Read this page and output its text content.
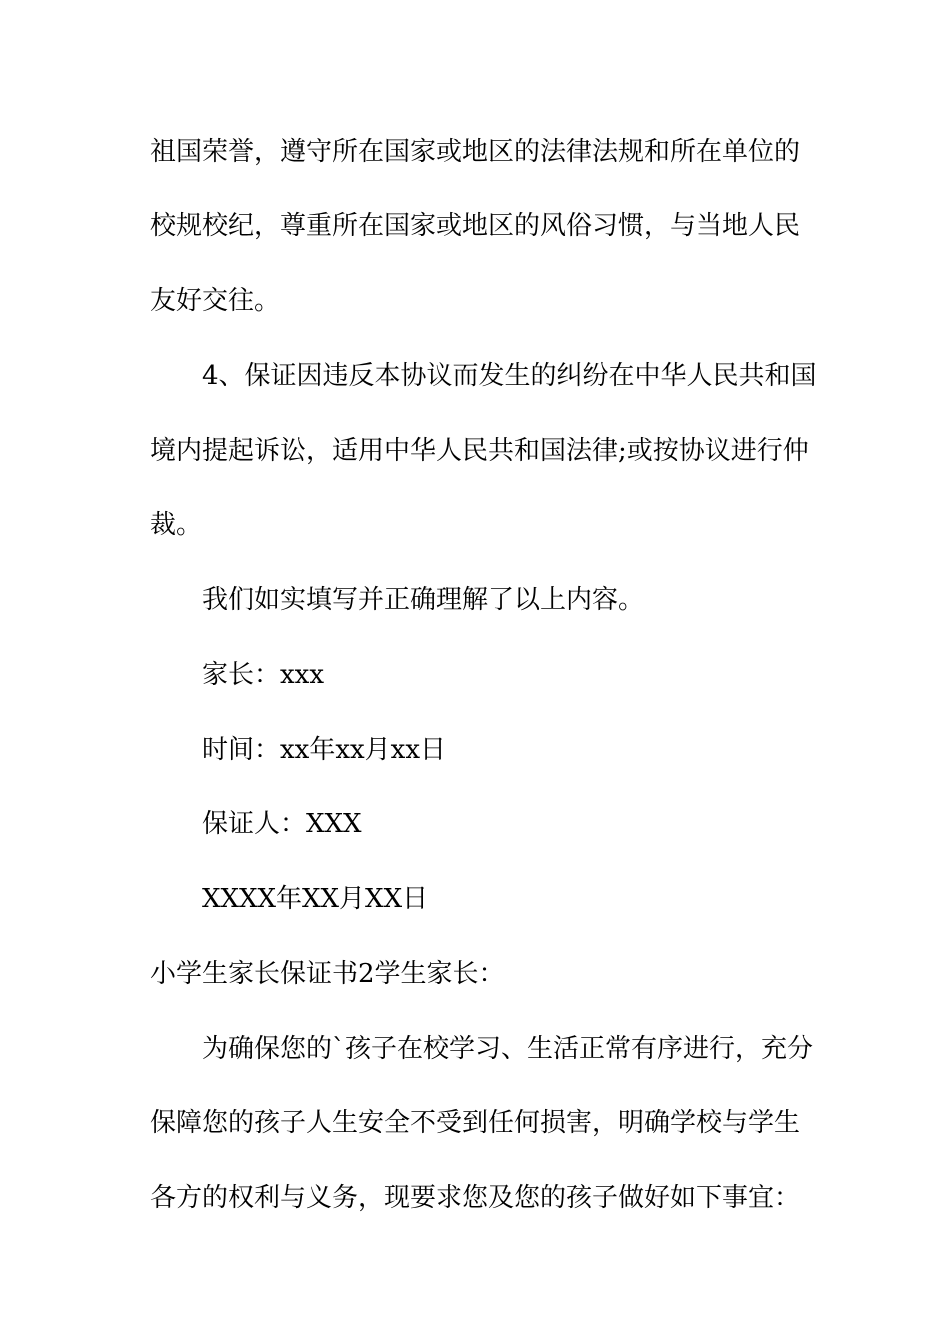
祖国荣誉，遵守所在国家或地区的法律法规和所在单位的
校规校纪，尊重所在国家或地区的风俗习惯，与当地人民
友好交往。
4、保证因违反本协议而发生的纠纷在中华人民共和国
境内提起诉讼，适用中华人民共和国法律;或按协议进行仲
裁。
我们如实填写并正确理解了以上内容。
家长：xxx
时间：xx年xx月xx日
保证人：XXX
XXXX年XX月XX日
小学生家长保证书2学生家长：
为确保您的`孩子在校学习、生活正常有序进行，充分
保障您的孩子人生安全不受到任何损害，明确学校与学生
各方的权利与义务，现要求您及您的孩子做好如下事宜：
